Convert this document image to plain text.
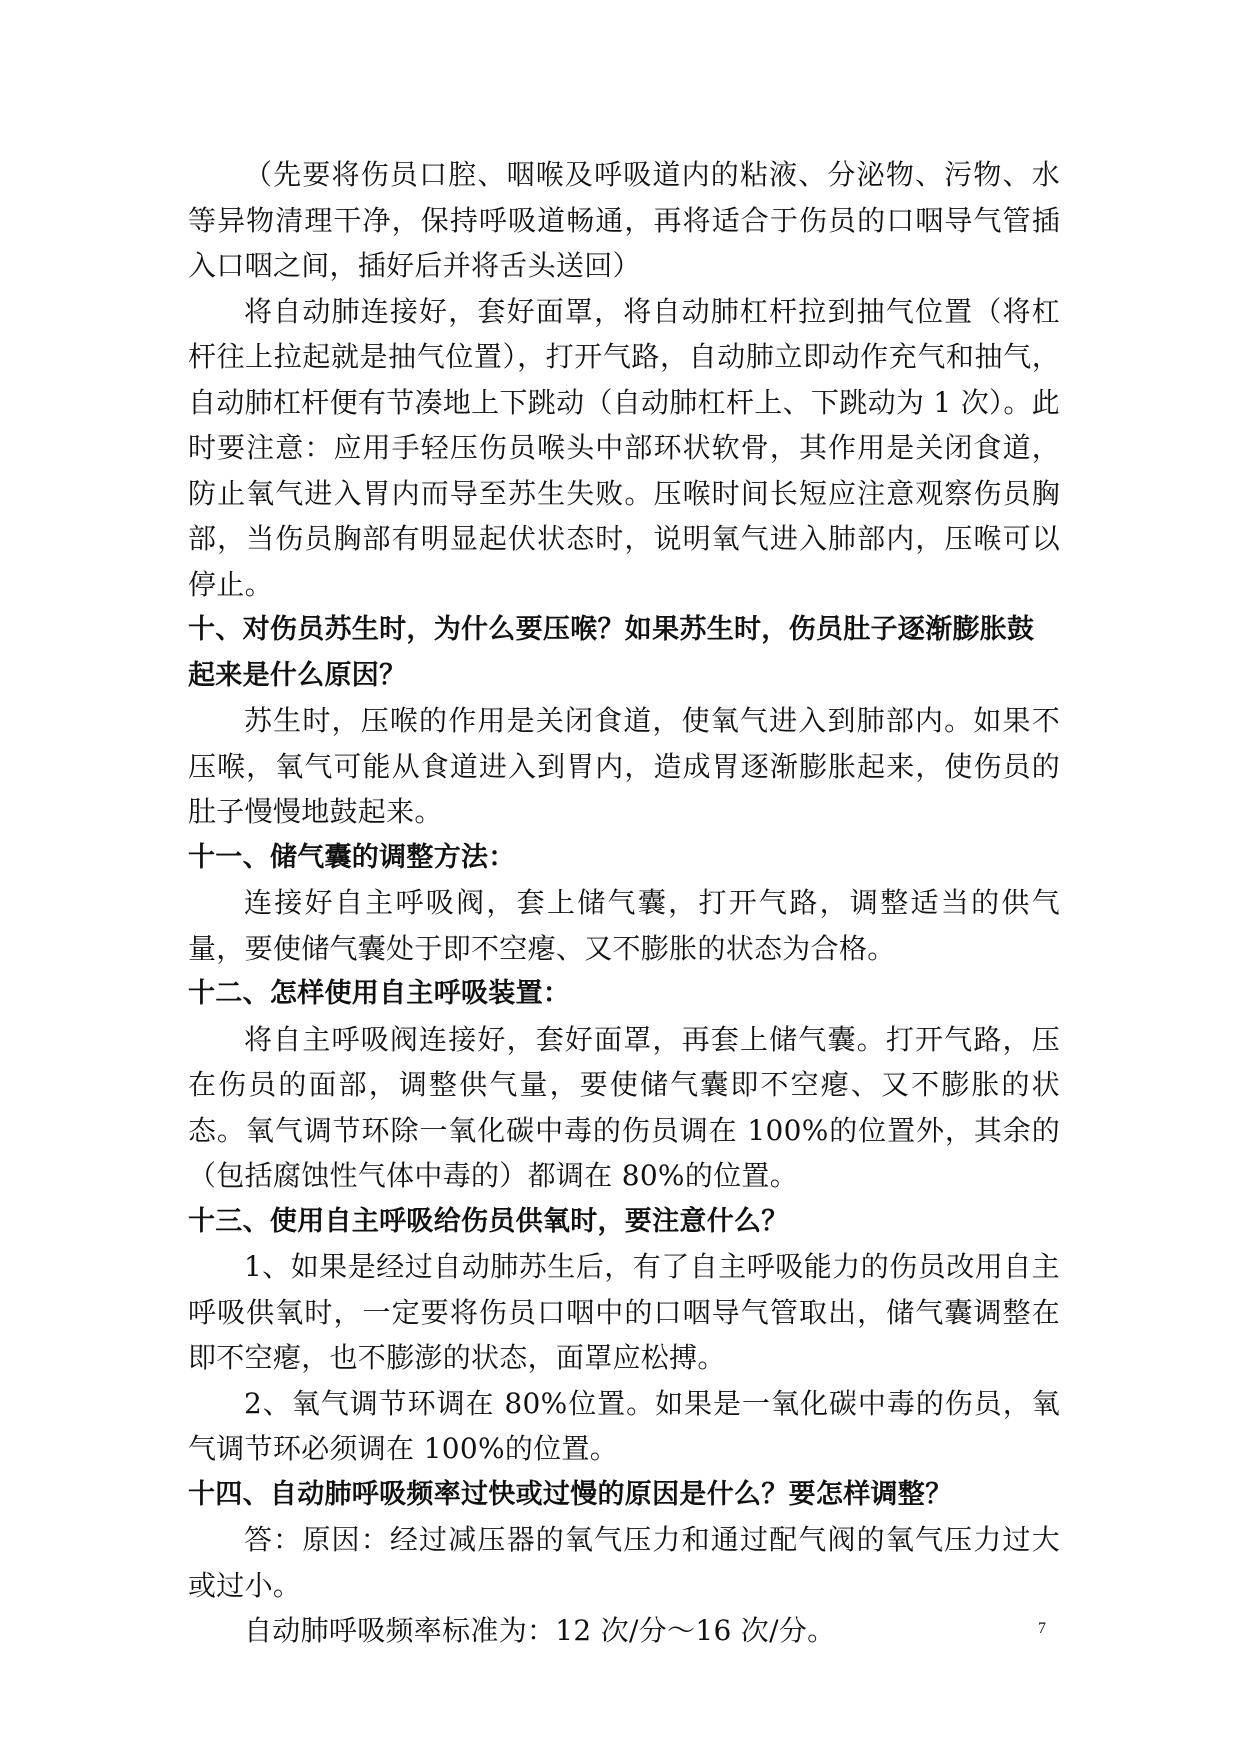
（先要将伤员口腔、咽喉及呼吸道内的粘液、分泌物、污物、水等异物清理干净，保持呼吸道畅通，再将适合于伤员的口咽导气管插入口咽之间，插好后并将舌头送回）

将自动肺连接好，套好面罩，将自动肺杠杆拉到抽气位置（将杠杆往上拉起就是抽气位置），打开气路，自动肺立即动作充气和抽气，自动肺杠杆便有节凑地上下跳动（自动肺杠杆上、下跳动为 1 次）。此时要注意：应用手轻压伤员喉头中部环状软骨，其作用是关闭食道，防止氧气进入胃内而导至苏生失败。压喉时间长短应注意观察伤员胸部，当伤员胸部有明显起伏状态时，说明氧气进入肺部内，压喉可以停止。

十、对伤员苏生时，为什么要压喉？如果苏生时，伤员肚子逐渐膨胀鼓起来是什么原因？

苏生时，压喉的作用是关闭食道，使氧气进入到肺部内。如果不压喉，氧气可能从食道进入到胃内，造成胃逐渐膨胀起来，使伤员的肚子慢慢地鼓起来。

十一、储气囊的调整方法：

连接好自主呼吸阀，套上储气囊，打开气路，调整适当的供气量，要使储气囊处于即不空瘪、又不膨胀的状态为合格。

十二、怎样使用自主呼吸装置：

将自主呼吸阀连接好，套好面罩，再套上储气囊。打开气路，压在伤员的面部，调整供气量，要使储气囊即不空瘪、又不膨胀的状态。氧气调节环除一氧化碳中毒的伤员调在 100%的位置外，其余的（包括腐蚀性气体中毒的）都调在 80%的位置。

十三、使用自主呼吸给伤员供氧时，要注意什么？

1、如果是经过自动肺苏生后，有了自主呼吸能力的伤员改用自主呼吸供氧时，一定要将伤员口咽中的口咽导气管取出，储气囊调整在即不空瘪，也不膨澎的状态，面罩应松搏。

2、氧气调节环调在 80%位置。如果是一氧化碳中毒的伤员，氧气调节环必须调在 100%的位置。

十四、自动肺呼吸频率过快或过慢的原因是什么？要怎样调整？

答：原因：经过减压器的氧气压力和通过配气阀的氧气压力过大或过小。

自动肺呼吸频率标准为：12 次/分～16 次/分。	7
